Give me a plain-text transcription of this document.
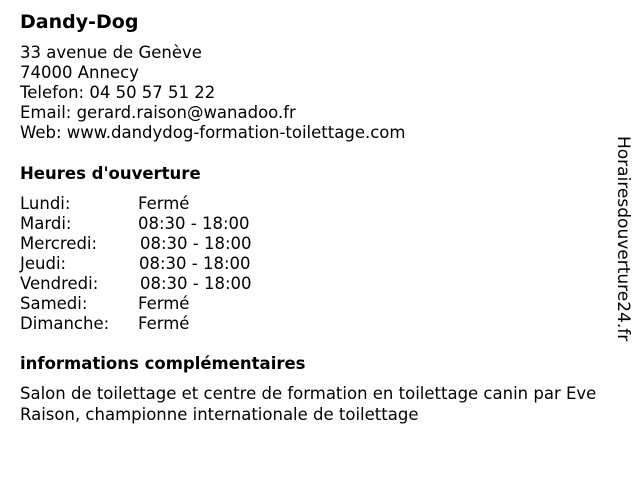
Dandy-Dog
33 avenue de Genève
74000 Annecy
Telefon: 04 50 57 51 22
Email: gerard.raison@wanadoo.fr
Web: www.dandydog-formation-toilettage.com
Heures d'ouverture
Lundi:	Fermé
Mardi:	08:30 - 18:00
Mercredi:	08:30 - 18:00
Jeudi:	08:30 - 18:00
Vendredi:	08:30 - 18:00
Samedi:	Fermé
Dimanche: Fermé
informations complémentaires
Salon de toilettage et centre de formation en toilettage canin par Eve
Raison, championne internationale de toilettage
Horairesdouverture24.fr
